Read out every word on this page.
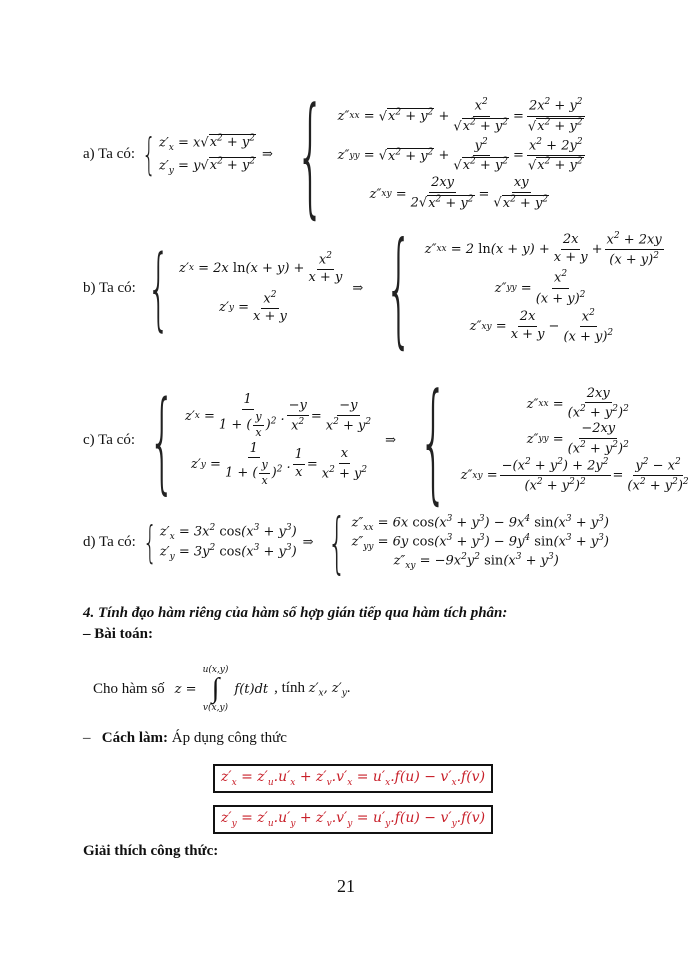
a) Ta có: { $z'_x = x√x^2 + y^2$
$z'_y = y√x^2 + y^2$ ⇒ { z″ xx
=
$√x^2 + y^2 + \frac{x^2}{√x^2 + y^2} = \frac{2x^2 + y^2}{√x^2 + y^2}$
z″ yy
=
$√x^2 + y^2 + \frac{y^2}{√x^2 + y^2} = \frac{x^2 + 2y^2}{√x^2 + y^2}$
z″ xy
= $\frac{2xy}{2√x^2 + y^2} = \frac{xy}{√x^2 + y^2}$
b) Ta có: { z′ x
= 2x $\ln (x + y) + \frac{x^2}{x + y}$
z′ y
= $\frac{x^2}{x + y}$
⇒ { z″ xx
= 2 $\ln (x + y) + \frac{2x}{x + y} + \frac{x^2 + 2xy}{(x + y)^2}$
z″ yy
= $\frac{x^2}{(x + y)^2}$
z″ xy
= $\frac{2x}{x + y} - \frac{x^2}{(x + y)^2}$
c) Ta có: { z′ x
= $\frac{1}{1 + ( \frac{y}{x} )^2}$ . $\frac{-y}{x^2} = \frac{-y}{x^2 + y^2}$
z′ y
= $\frac{1}{1 + ( \frac{y}{x} )^2}$ . $\frac{1}{x} = \frac{x}{x^2 + y^2}$
⇒ {	z″ xx
= $\frac{2xy}{(x^2 + y^2)^2}$
z″ yy
= $\frac{-2xy}{(x^2 + y^2)^2}$
z″ xy
= $\frac{-(x^2 + y^2) + 2y^2}{(x^2 + y^2)^2} = \frac{y^2 - x^2}{(x^2 + y^2)^2}$
d) Ta có: { $z'_x = 3x^2$ $\cos(x^3 + y^3)$
$z'_y = 3y^2$ $\cos(x^3 + y^3)$
⇒ { $z''_{xx} = 6x$ $\cos(x^3 + y^3) - 9x^4$ $\sin(x^3 + y^3)$
$z''_{yy} = 6y$ $\cos(x^3 + y^3) - 9y^4$ $\sin(x^3 + y^3)$
$z''_{xy} = -9x^2y^2$ $\sin(x^3 + y^3)$
4. Tính đạo hàm riêng của hàm số hợp gián tiếp qua hàm tích phân:
– Bài toán:
Cho hàm số z =
u(x,y)
∫
v(x,y)
f(t)dt , tính $z'_x$, $z'_y$.
– Cách làm: Áp dụng công thức
$z'_x = z'_u.u'_x + z'_v.v'_x = u'_x.f(u) - v'_x.f(v)$
$z'_y = z'_u.u'_y + z'_v.v'_y = u'_y.f(u) - v'_y.f(v)$
Giải thích công thức:
21
